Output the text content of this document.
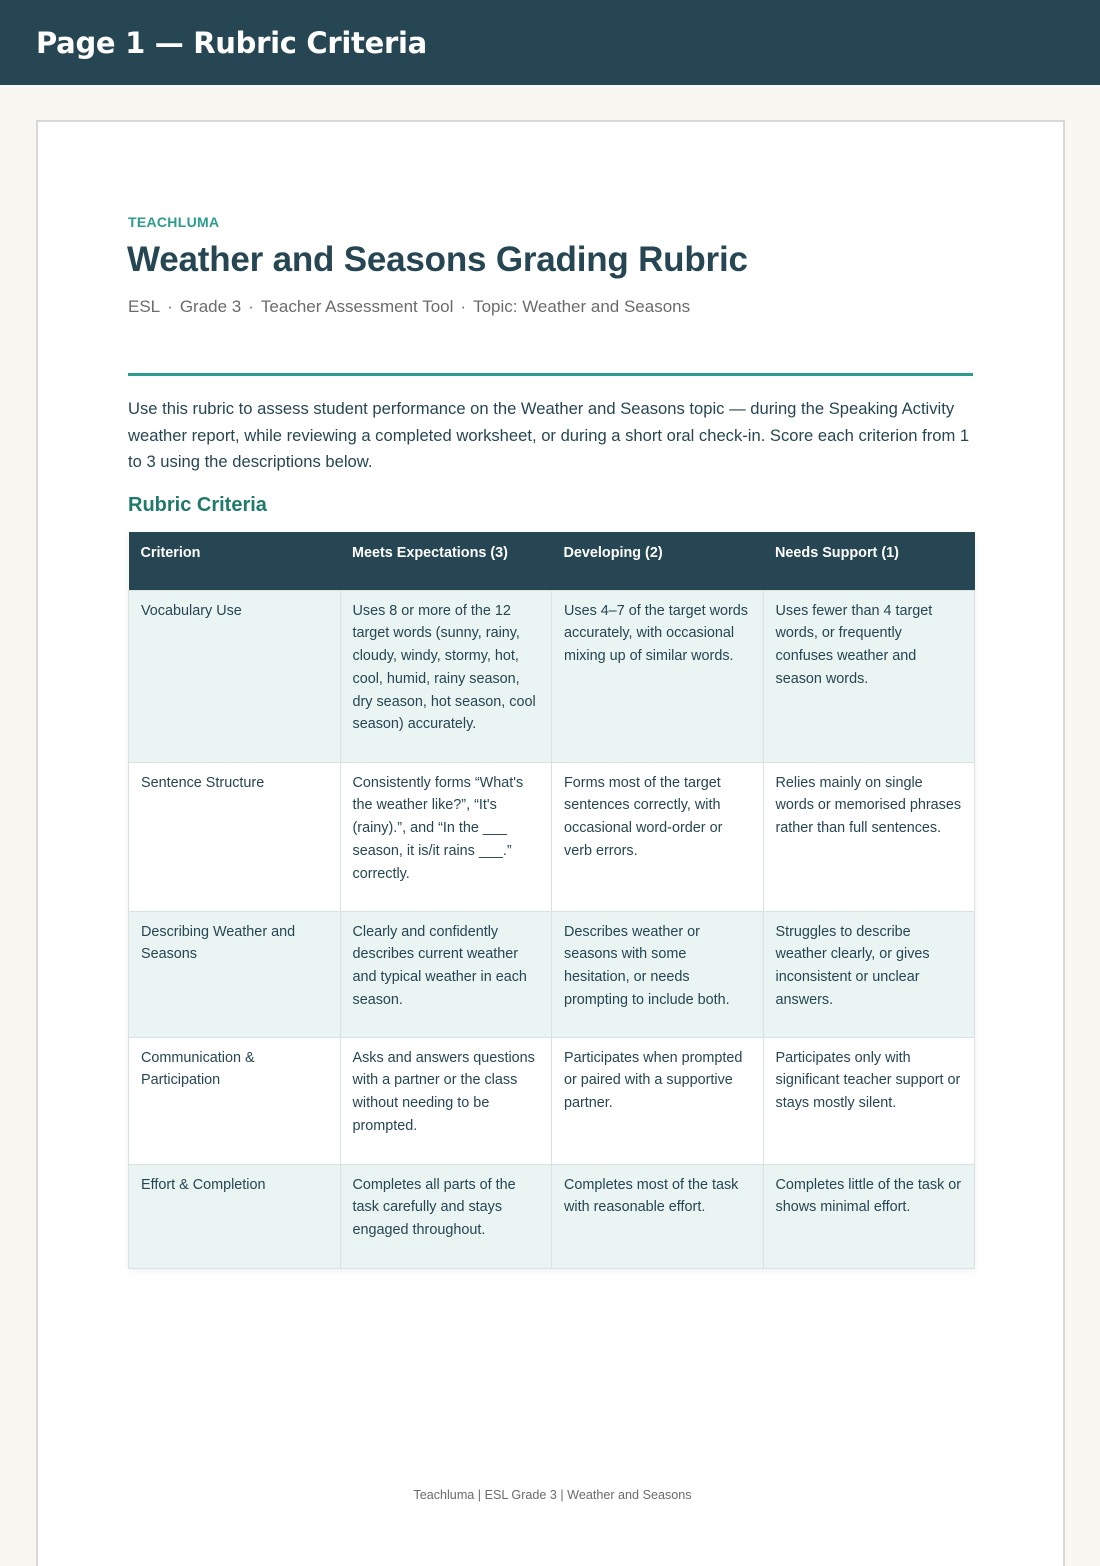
Page 1 — Rubric Criteria
TEACHLUMA
Weather and Seasons Grading Rubric
ESL · Grade 3 · Teacher Assessment Tool · Topic: Weather and Seasons

Use this rubric to assess student performance on the Weather and Seasons topic — during the Speaking Activity weather report, while reviewing a completed worksheet, or during a short oral check-in. Score each criterion from 1 to 3 using the descriptions below.

Rubric Criteria
Criterion	Meets Expectations (3)	Developing (2)	Needs Support (1)
Vocabulary Use	Uses 8 or more of the 12 target words (sunny, rainy, cloudy, windy, stormy, hot, cool, humid, rainy season, dry season, hot season, cool season) accurately.	Uses 4–7 of the target words accurately, with occasional mixing up of similar words.	Uses fewer than 4 target words, or frequently confuses weather and season words.
Sentence Structure	Consistently forms “What's the weather like?”, “It's (rainy).”, and “In the ___ season, it is/it rains ___.” correctly.	Forms most of the target sentences correctly, with occasional word-order or verb errors.	Relies mainly on single words or memorised phrases rather than full sentences.
Describing Weather and Seasons	Clearly and confidently describes current weather and typical weather in each season.	Describes weather or seasons with some hesitation, or needs prompting to include both.	Struggles to describe weather clearly, or gives inconsistent or unclear answers.
Communication & Participation	Asks and answers questions with a partner or the class without needing to be prompted.	Participates when prompted or paired with a supportive partner.	Participates only with significant teacher support or stays mostly silent.
Effort & Completion	Completes all parts of the task carefully and stays engaged throughout.	Completes most of the task with reasonable effort.	Completes little of the task or shows minimal effort.
Teachluma | ESL Grade 3 | Weather and Seasons
